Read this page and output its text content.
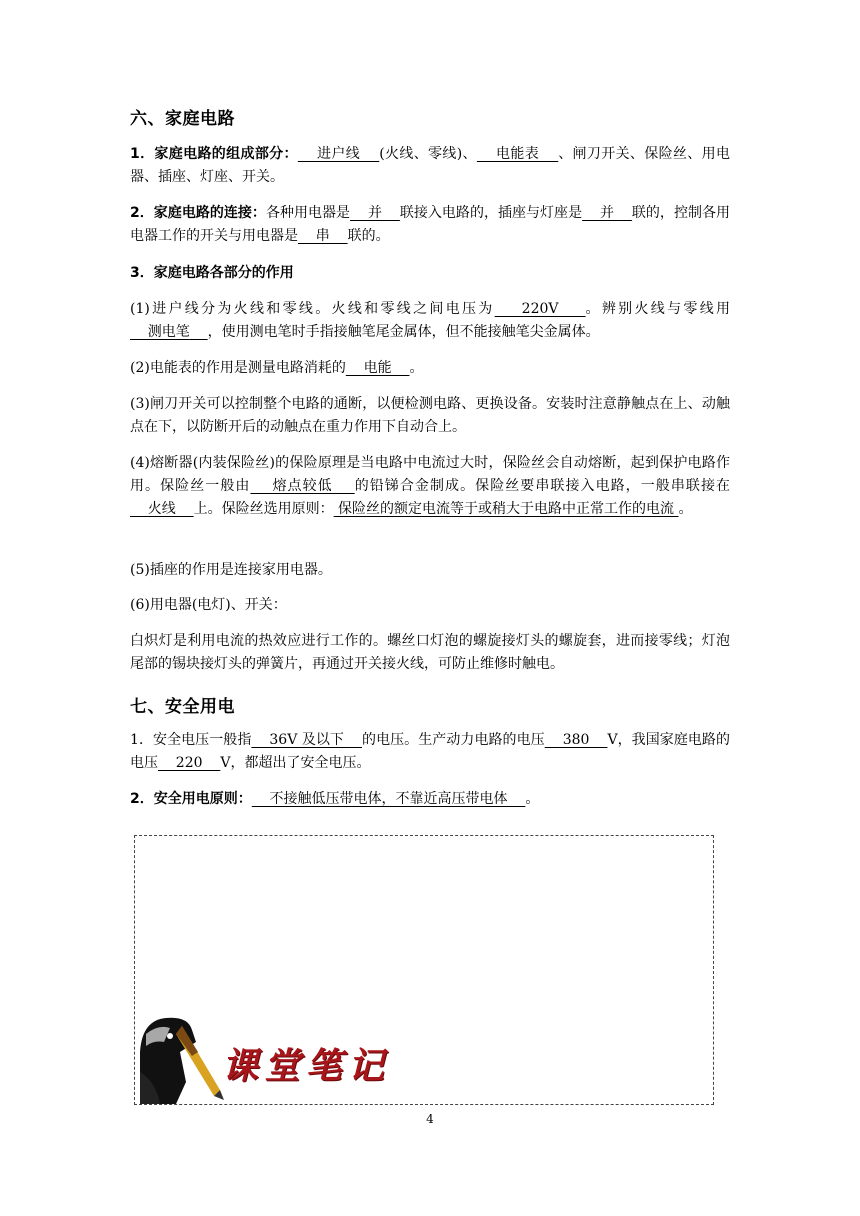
六、家庭电路
1．家庭电路的组成部分：    进户线    (火线、零线)、    电能表    、闸刀开关、保险丝、用电器、插座、灯座、开关。
2．家庭电路的连接：各种用电器是    并    联接入电路的，插座与灯座是    并    联的，控制各用电器工作的开关与用电器是    串    联的。
3．家庭电路各部分的作用
(1)进户线分为火线和零线。火线和零线之间电压为    220V    。辨别火线与零线用    测电笔 ，使用测电笔时手指接触笔尾金属体，但不能接触笔尖金属体。
(2)电能表的作用是测量电路消耗的    电能    。
(3)闸刀开关可以控制整个电路的通断，以便检测电路、更换设备。安装时注意静触点在上、动触点在下，以防断开后的动触点在重力作用下自动合上。
(4)熔断器(内装保险丝)的保险原理是当电路中电流过大时，保险丝会自动熔断，起到保护电路作用。保险丝一般由    熔点较低    的铅锑合金制成。保险丝要串联接入电路，一般串联接在    火线    上。保险丝选用原则： 保险丝的额定电流等于或稍大于电路中正常工作的电流 。
(5)插座的作用是连接家用电器。
(6)用电器(电灯)、开关：
白炽灯是利用电流的热效应进行工作的。螺丝口灯泡的螺旋接灯头的螺旋套，进而接零线；灯泡尾部的锡块接灯头的弹簧片，再通过开关接火线，可防止维修时触电。
七、安全用电
1．安全电压一般指    36V 及以下    的电压。生产动力电路的电压    380    V，我国家庭电路的电压    220    V，都超出了安全电压。
2．安全用电原则：    不接触低压带电体，不靠近高压带电体    。
课堂笔记
4
